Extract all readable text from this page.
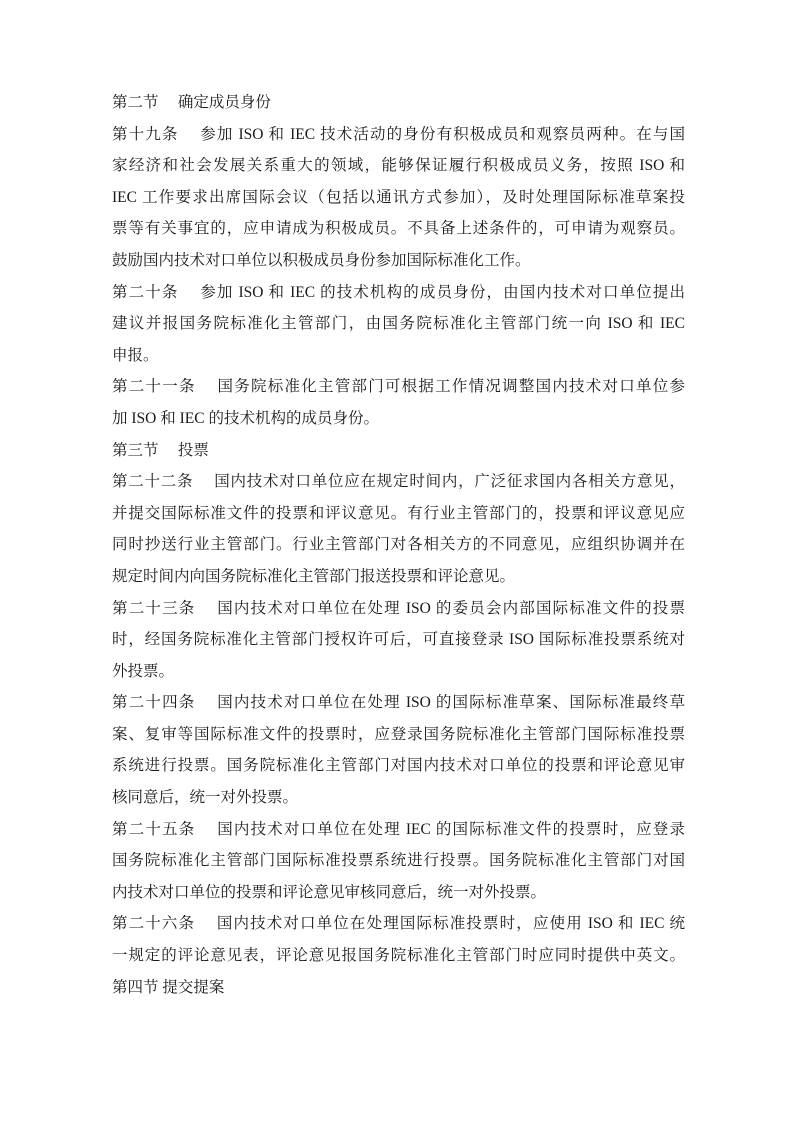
第二节　 确定成员身份
第十九条　 参加 ISO 和 IEC 技术活动的身份有积极成员和观察员两种。在与国
家经济和社会发展关系重大的领域，能够保证履行积极成员义务，按照 ISO 和
IEC 工作要求出席国际会议（包括以通讯方式参加），及时处理国际标准草案投
票等有关事宜的，应申请成为积极成员。不具备上述条件的，可申请为观察员。
鼓励国内技术对口单位以积极成员身份参加国际标准化工作。
第二十条　 参加 ISO 和 IEC 的技术机构的成员身份，由国内技术对口单位提出
建议并报国务院标准化主管部门，由国务院标准化主管部门统一向 ISO 和 IEC
申报。
第二十一条　 国务院标准化主管部门可根据工作情况调整国内技术对口单位参
加 ISO 和 IEC 的技术机构的成员身份。
第三节　 投票
第二十二条　 国内技术对口单位应在规定时间内，广泛征求国内各相关方意见，
并提交国际标准文件的投票和评议意见。有行业主管部门的，投票和评议意见应
同时抄送行业主管部门。行业主管部门对各相关方的不同意见，应组织协调并在
规定时间内向国务院标准化主管部门报送投票和评论意见。
第二十三条　 国内技术对口单位在处理 ISO 的委员会内部国际标准文件的投票
时，经国务院标准化主管部门授权许可后，可直接登录 ISO 国际标准投票系统对
外投票。
第二十四条　 国内技术对口单位在处理 ISO 的国际标准草案、国际标准最终草
案、复审等国际标准文件的投票时，应登录国务院标准化主管部门国际标准投票
系统进行投票。国务院标准化主管部门对国内技术对口单位的投票和评论意见审
核同意后，统一对外投票。
第二十五条　 国内技术对口单位在处理 IEC 的国际标准文件的投票时，应登录
国务院标准化主管部门国际标准投票系统进行投票。国务院标准化主管部门对国
内技术对口单位的投票和评论意见审核同意后，统一对外投票。
第二十六条　 国内技术对口单位在处理国际标准投票时，应使用 ISO 和 IEC 统
一规定的评论意见表，评论意见报国务院标准化主管部门时应同时提供中英文。
第四节 提交提案
